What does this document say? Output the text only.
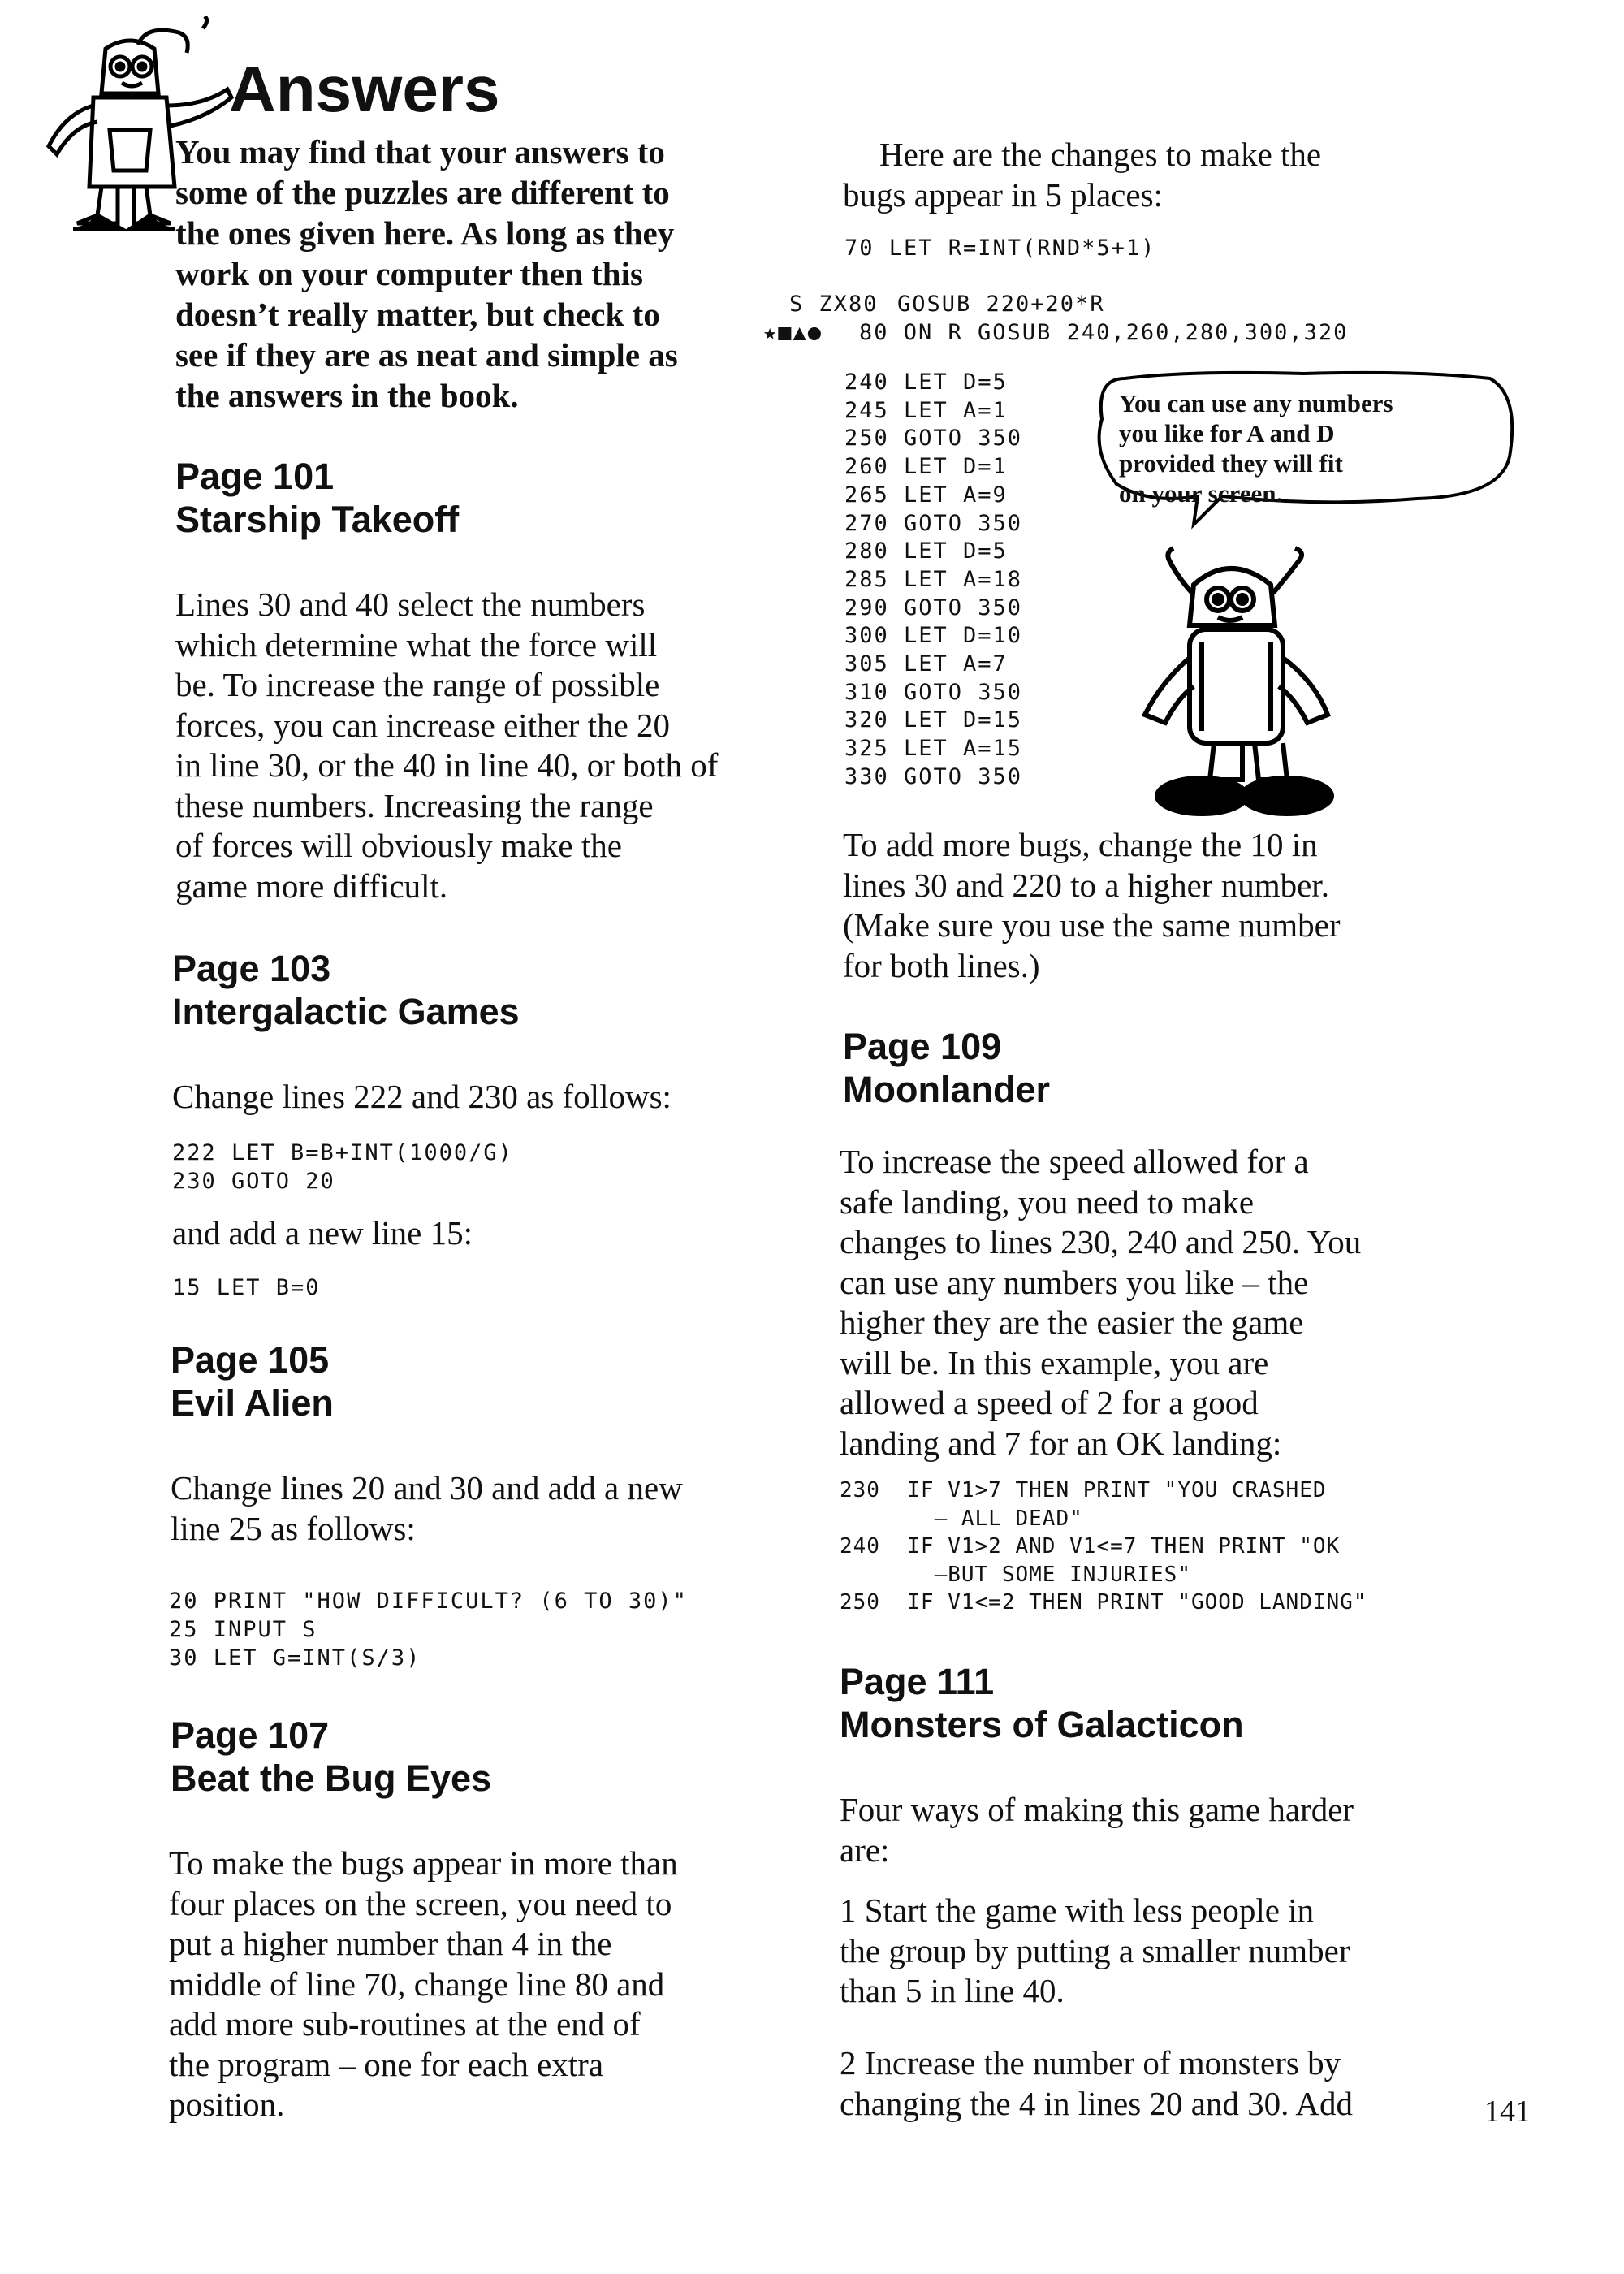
Answers

You may find that your answers to

some of the puzzles are different to

the ones given here. As long as they

work on your computer then this

doesn’t really matter, but check to

see if they are as neat and simple as

the answers in the book.

Page 101
Starship Takeoff

Lines 30 and 40 select the numbers

which determine what the force will

be. To increase the range of possible

forces, you can increase either the 20

in line 30, or the 40 in line 40, or both of

these numbers. Increasing the range

of forces will obviously make the

game more difficult.

Page 103
Intergalactic Games
Change lines 222 and 230 as follows:
222 LET B=B+INT(1000/G)
230 GOTO 20
and add a new line 15:
15 LET B=0
Page 105
Evil Alien

Change lines 20 and 30 and add a new

line 25 as follows:

20 PRINT "HOW DIFFICULT? (6 TO 30)"
25 INPUT S
30 LET G=INT(S/3)
Page 107
Beat the Bug Eyes

To make the bugs appear in more than

four places on the screen, you need to

put a higher number than 4 in the

middle of line 70, change line 80 and

add more sub-routines at the end of

the program – one for each extra

position.

Here are the changes to make the

bugs appear in 5 places:

70 LET R=INT(RND*5+1)
S ZX80 GOSUB 220+20*R
★■▲● 80 ON R GOSUB 240,260,280,300,320
240 LET D=5
245 LET A=1
250 GOTO 350
260 LET D=1
265 LET A=9
270 GOTO 350
280 LET D=5
285 LET A=18
290 GOTO 350
300 LET D=10
305 LET A=7
310 GOTO 350
320 LET D=15
325 LET A=15
330 GOTO 350
You can use any numbers
you like for A and D
provided they will fit
on your screen.

To add more bugs, change the 10 in

lines 30 and 220 to a higher number.

(Make sure you use the same number

for both lines.)

Page 109
Moonlander

To increase the speed allowed for a

safe landing, you need to make

changes to lines 230, 240 and 250. You

can use any numbers you like – the

higher they are the easier the game

will be. In this example, you are

allowed a speed of 2 for a good

landing and 7 for an OK landing:

230  IF V1>7 THEN PRINT "YOU CRASHED
– ALL DEAD"
240  IF V1>2 AND V1<=7 THEN PRINT "OK
–BUT SOME INJURIES"
250  IF V1<=2 THEN PRINT "GOOD LANDING"
Page 111
Monsters of Galacticon

Four ways of making this game harder

are:

1 Start the game with less people in

the group by putting a smaller number

than 5 in line 40.

2 Increase the number of monsters by

changing the 4 in lines 20 and 30. Add	141
